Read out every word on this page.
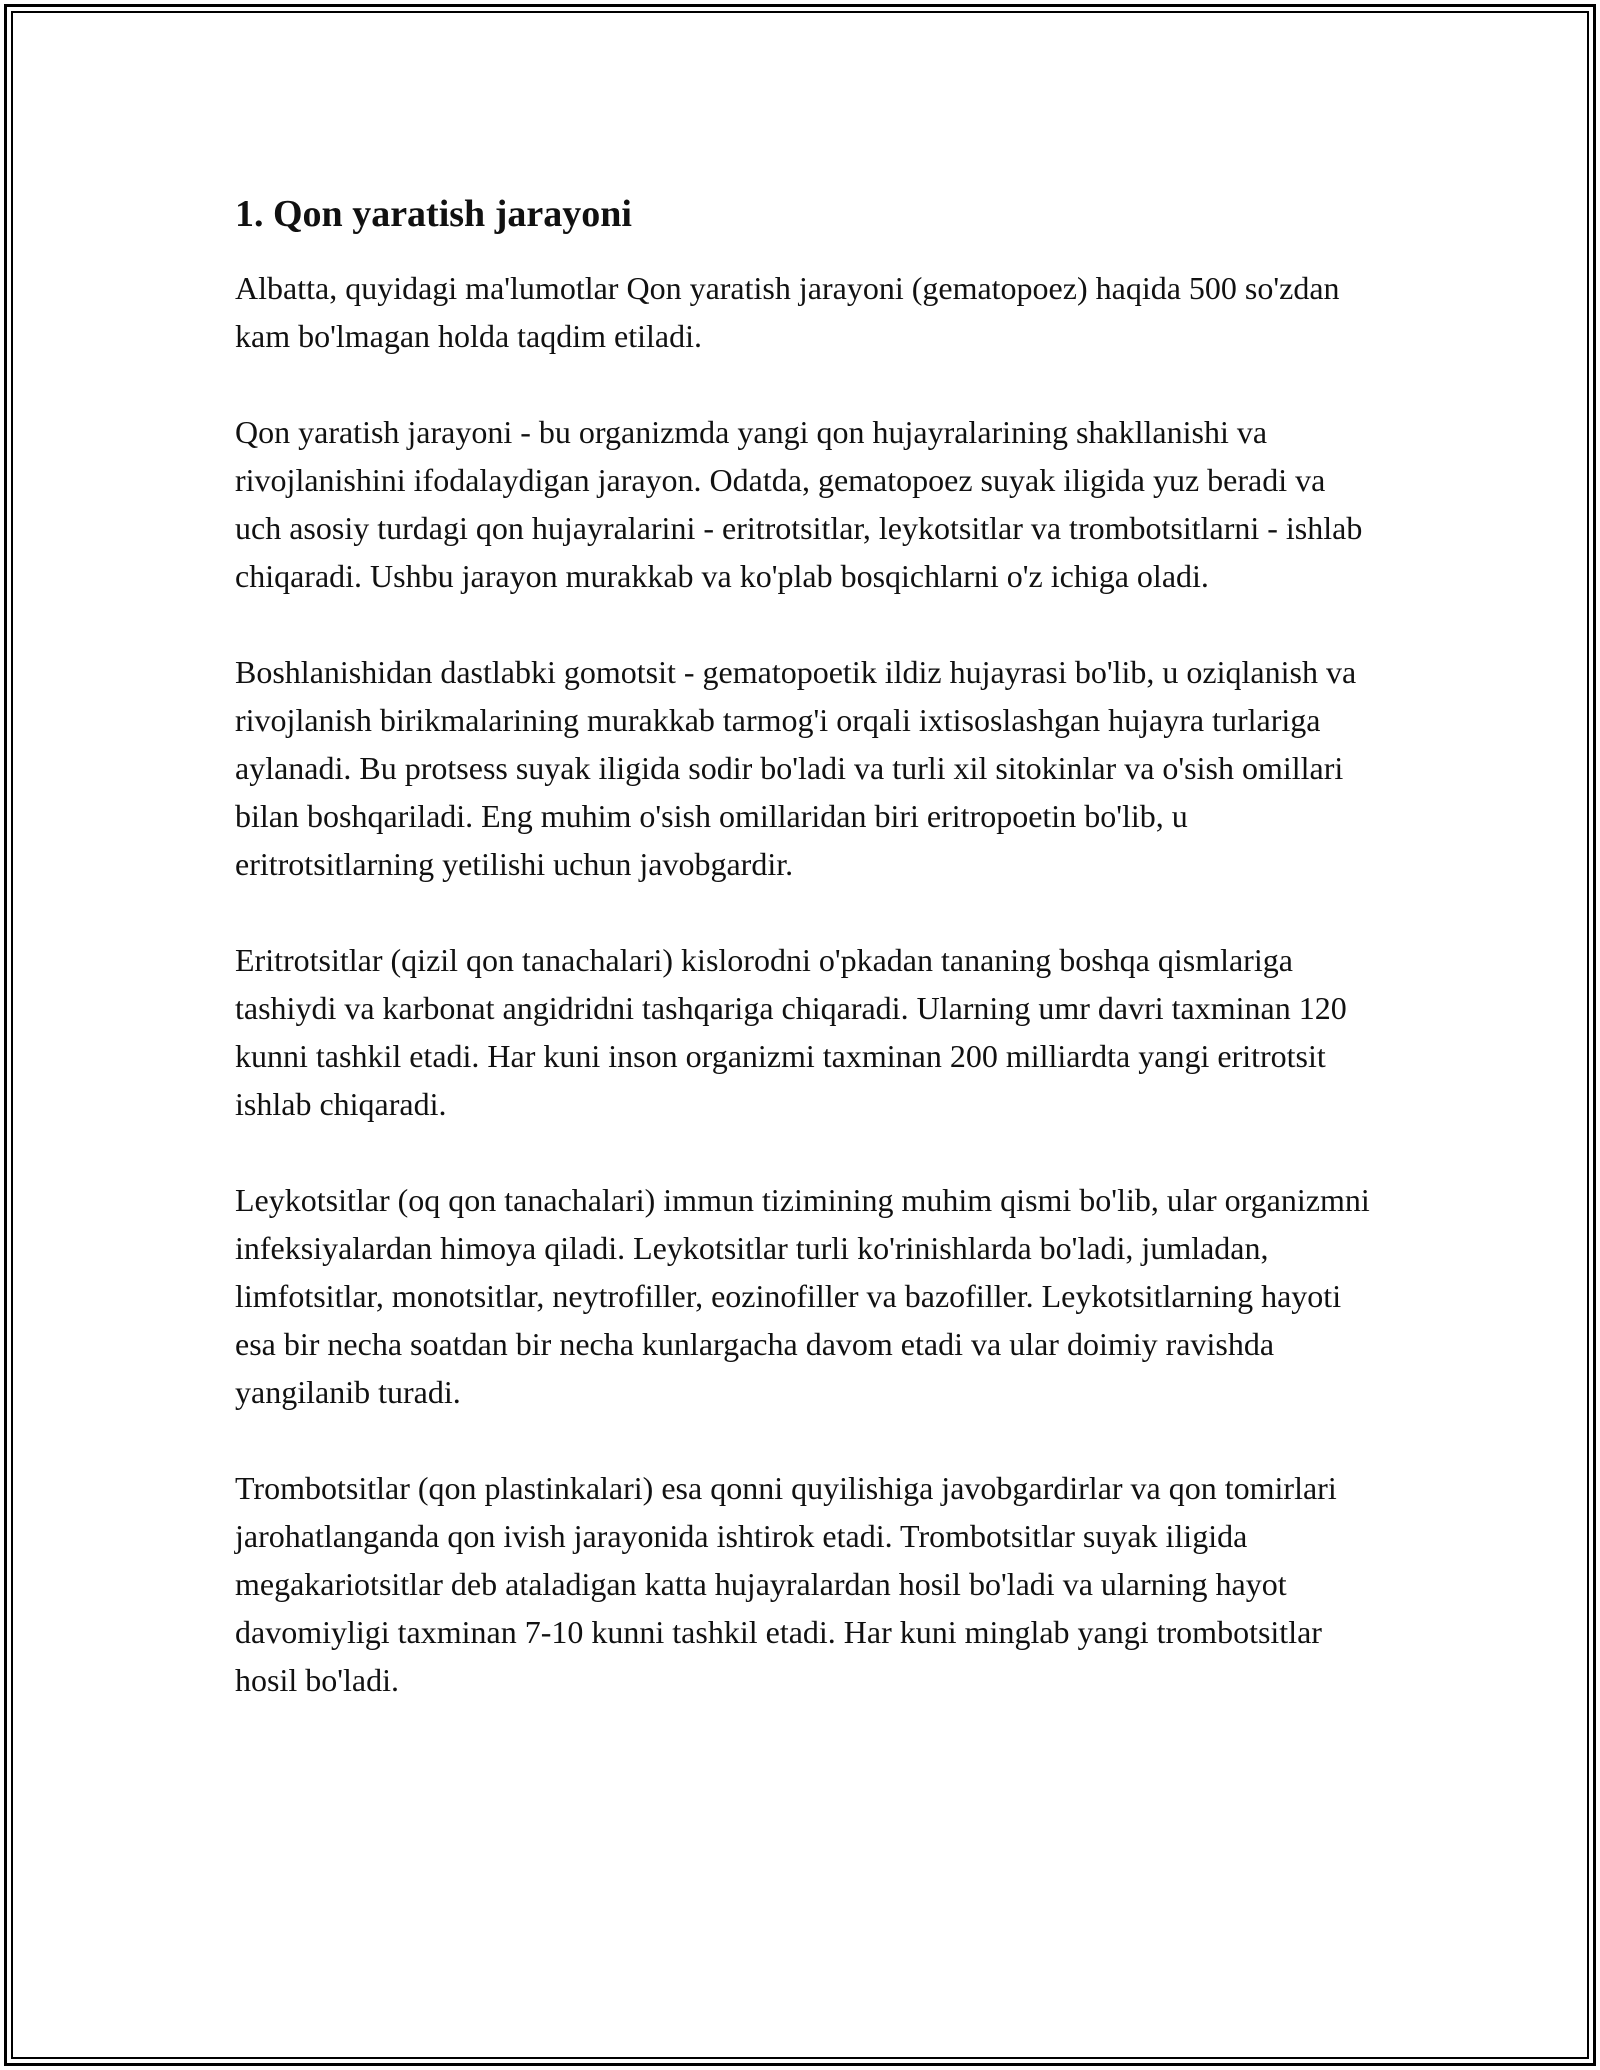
1. Qon yaratish jarayoni

Albatta, quyidagi ma'lumotlar Qon yaratish jarayoni (gematopoez) haqida 500 so'zdan kam bo'lmagan holda taqdim etiladi.

Qon yaratish jarayoni - bu organizmda yangi qon hujayralarining shakllanishi va rivojlanishini ifodalaydigan jarayon. Odatda, gematopoez suyak iligida yuz beradi va uch asosiy turdagi qon hujayralarini - eritrotsitlar, leykotsitlar va trombotsitlarni - ishlab chiqaradi. Ushbu jarayon murakkab va ko'plab bosqichlarni o'z ichiga oladi.

Boshlanishidan dastlabki gomotsit - gematopoetik ildiz hujayrasi bo'lib, u oziqlanish va rivojlanish birikmalarining murakkab tarmog'i orqali ixtisoslashgan hujayra turlariga aylanadi. Bu protsess suyak iligida sodir bo'ladi va turli xil sitokinlar va o'sish omillari bilan boshqariladi. Eng muhim o'sish omillaridan biri eritropoetin bo'lib, u eritrotsitlarning yetilishi uchun javobgardir.

Eritrotsitlar (qizil qon tanachalari) kislorodni o'pkadan tananing boshqa qismlariga tashiydi va karbonat angidridni tashqariga chiqaradi. Ularning umr davri taxminan 120 kunni tashkil etadi. Har kuni inson organizmi taxminan 200 milliardta yangi eritrotsit ishlab chiqaradi.

Leykotsitlar (oq qon tanachalari) immun tizimining muhim qismi bo'lib, ular organizmni infeksiyalardan himoya qiladi. Leykotsitlar turli ko'rinishlarda bo'ladi, jumladan, limfotsitlar, monotsitlar, neytrofiller, eozinofiller va bazofiller. Leykotsitlarning hayoti esa bir necha soatdan bir necha kunlargacha davom etadi va ular doimiy ravishda yangilanib turadi.

Trombotsitlar (qon plastinkalari) esa qonni quyilishiga javobgardirlar va qon tomirlari jarohatlanganda qon ivish jarayonida ishtirok etadi. Trombotsitlar suyak iligida megakariotsitlar deb ataladigan katta hujayralardan hosil bo'ladi va ularning hayot davomiyligi taxminan 7-10 kunni tashkil etadi. Har kuni minglab yangi trombotsitlar hosil bo'ladi.
